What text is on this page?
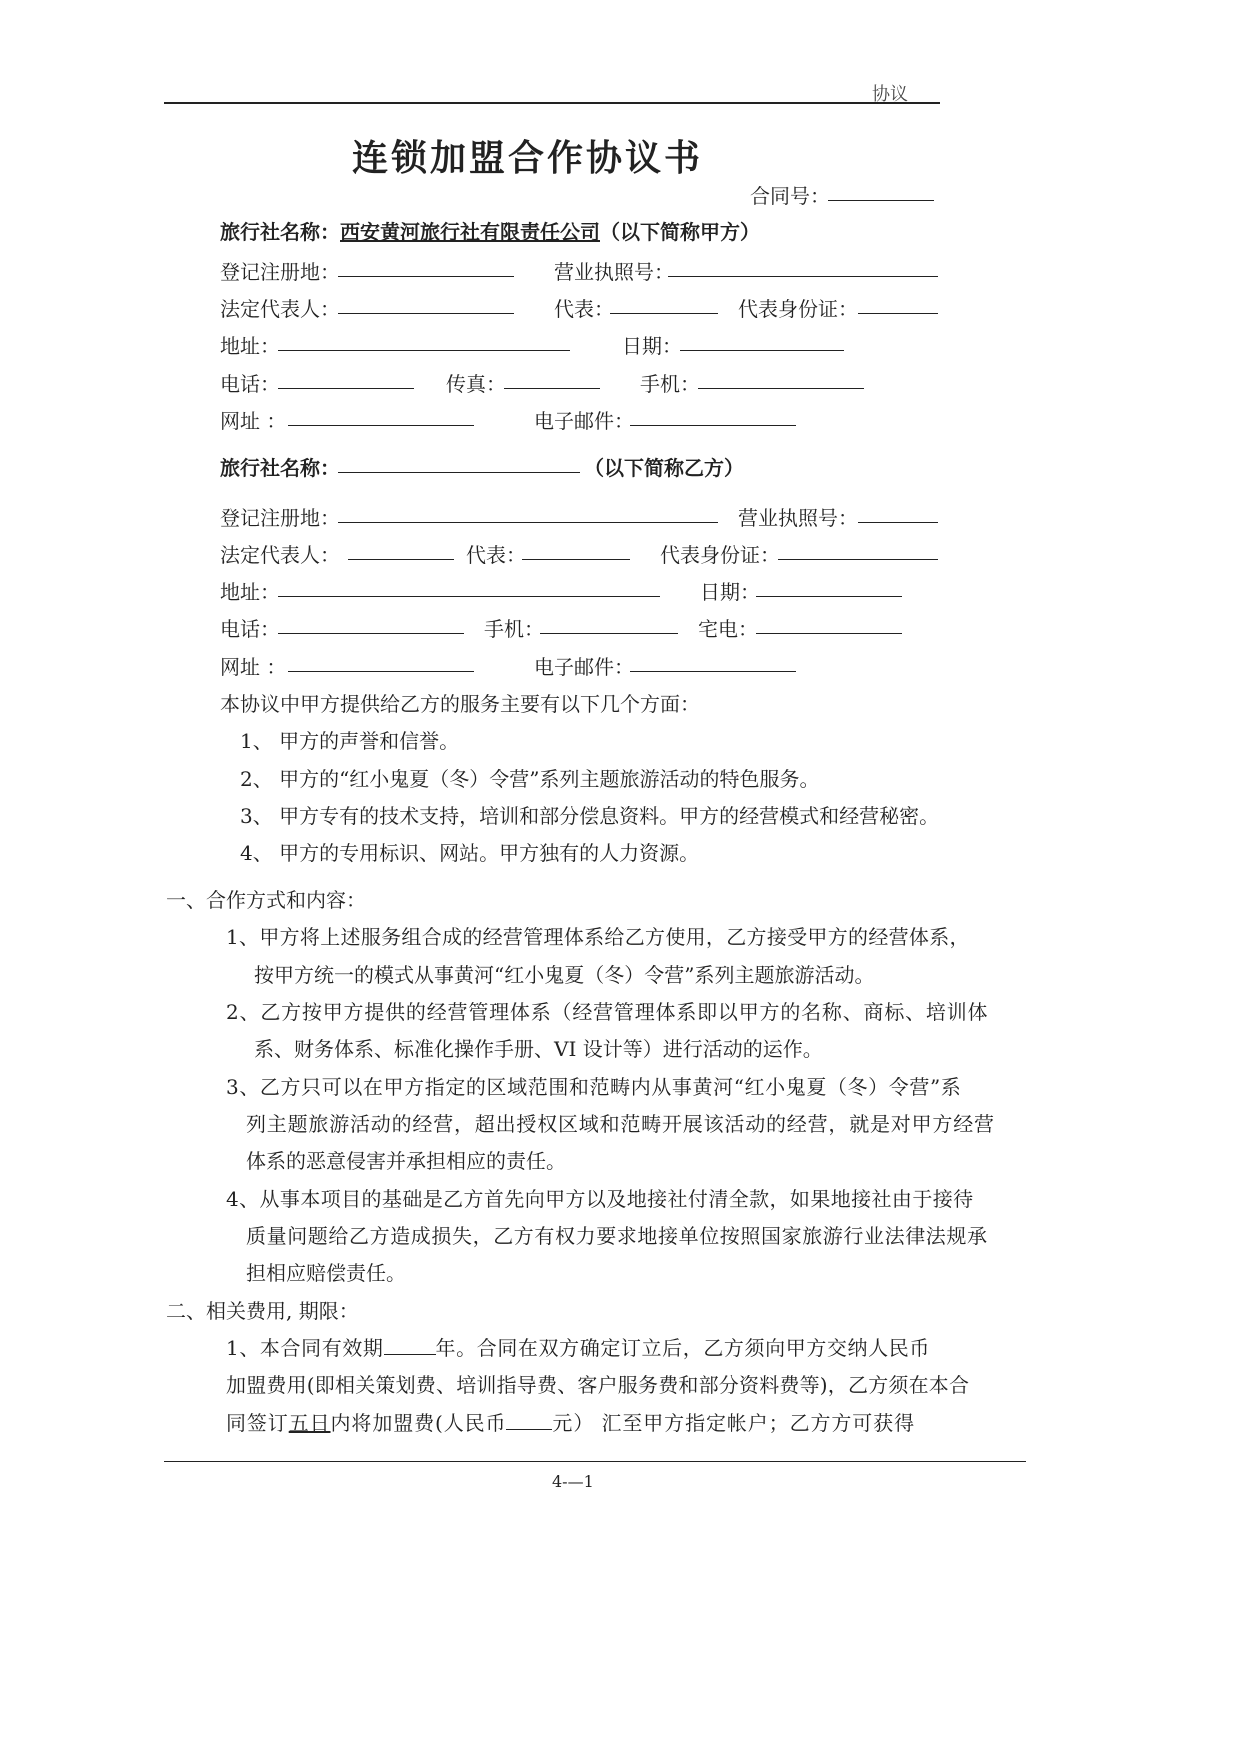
协议
连锁加盟合作协议书
合同号：
旅行社名称：西安黄河旅行社有限责任公司（以下简称甲方）
登记注册地：	营业执照号：
法定代表人：	代表：	代表身份证：
地址：	日期：
电话：	传真：	手机：
网址 ：	电子邮件：
旅行社名称：	（以下简称乙方）
登记注册地：	营业执照号：
法定代表人：	代表：	代表身份证：
地址：	日期：
电话：	手机：	宅电：
网址 ：	电子邮件：
本协议中甲方提供给乙方的服务主要有以下几个方面：
1、 甲方的声誉和信誉。
2、 甲方的“红小鬼夏（冬）令营”系列主题旅游活动的特色服务。
3、 甲方专有的技术支持，培训和部分偿息资料。甲方的经营模式和经营秘密。
4、 甲方的专用标识、网站。甲方独有的人力资源。
一、合作方式和内容：
1、甲方将上述服务组合成的经营管理体系给乙方使用，乙方接受甲方的经营体系，
按甲方统一的模式从事黄河“红小鬼夏（冬）令营”系列主题旅游活动。
2、乙方按甲方提供的经营管理体系（经营管理体系即以甲方的名称、商标、培训体
系、财务体系、标准化操作手册、VI 设计等）进行活动的运作。
3、乙方只可以在甲方指定的区域范围和范畴内从事黄河“红小鬼夏（冬）令营”系
列主题旅游活动的经营，超出授权区域和范畴开展该活动的经营，就是对甲方经营
体系的恶意侵害并承担相应的责任。
4、从事本项目的基础是乙方首先向甲方以及地接社付清全款，如果地接社由于接待
质量问题给乙方造成损失，乙方有权力要求地接单位按照国家旅游行业法律法规承
担相应赔偿责任。
二、相关费用, 期限：
1、本合同有效期	年。合同在双方确定订立后，乙方须向甲方交纳人民币
加盟费用(即相关策划费、培训指导费、客户服务费和部分资料费等)，乙方须在本合
同签订五日内将加盟费(人民币 元） 汇至甲方指定帐户；乙方方可获得
4-—1
